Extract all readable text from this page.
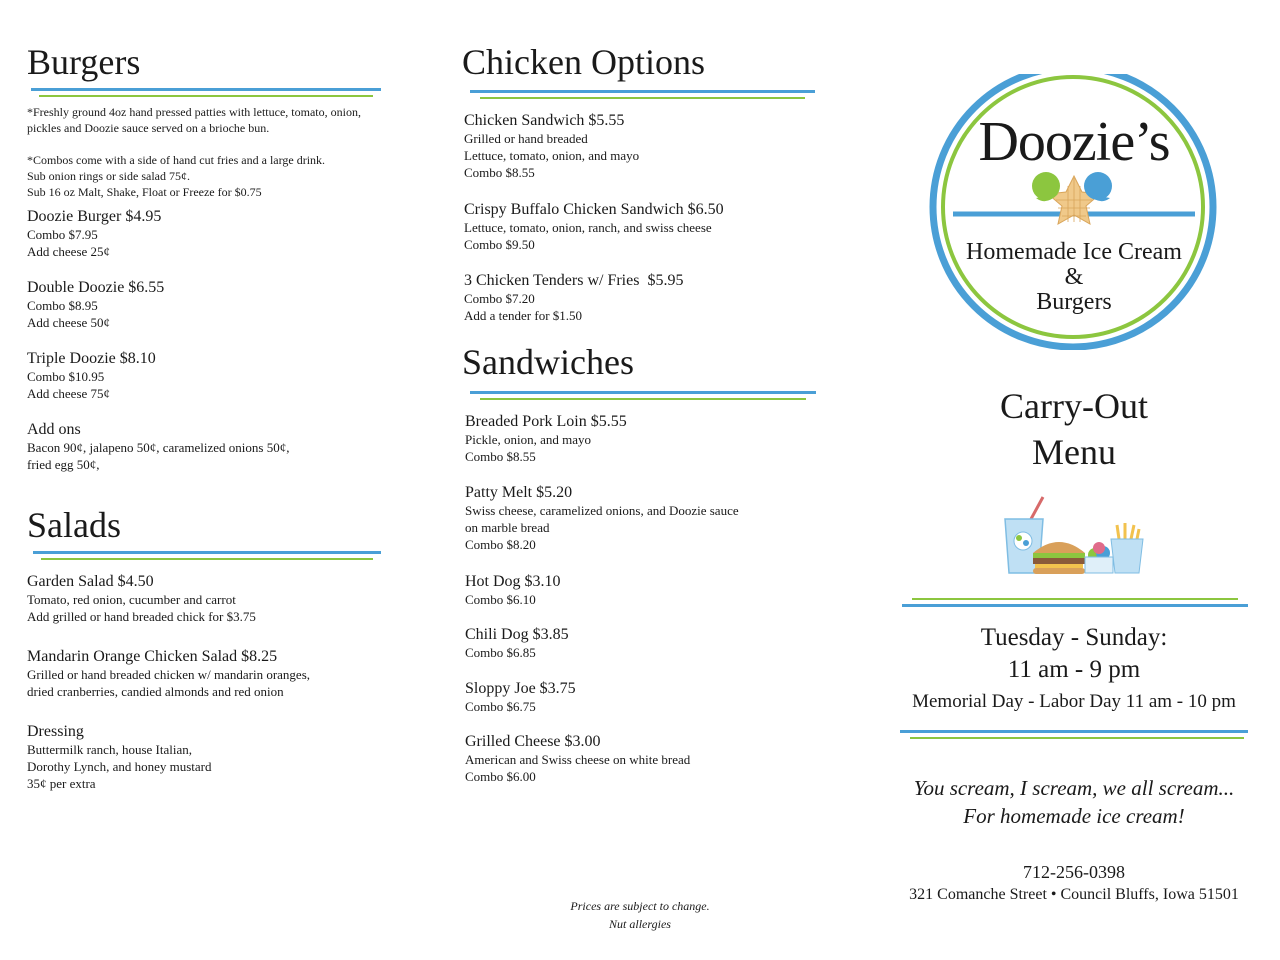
Burgers
*Freshly ground 4oz hand pressed patties with lettuce, tomato, onion,
pickles and Doozie sauce served on a brioche bun.
*Combos come with a side of hand cut fries and a large drink.
Sub onion rings or side salad 75¢.
Sub 16 oz Malt, Shake, Float or Freeze for $0.75
Doozie Burger $4.95
Combo $7.95
Add cheese 25¢
Double Doozie $6.55
Combo $8.95
Add cheese 50¢
Triple Doozie $8.10
Combo $10.95
Add cheese 75¢
Add ons
Bacon 90¢, jalapeno 50¢, caramelized onions 50¢,
fried egg 50¢,
Salads
Garden Salad $4.50
Tomato, red onion, cucumber and carrot
Add grilled or hand breaded chick for $3.75
Mandarin Orange Chicken Salad $8.25
Grilled or hand breaded chicken w/ mandarin oranges,
dried cranberries, candied almonds and red onion
Dressing
Buttermilk ranch, house Italian,
Dorothy Lynch, and honey mustard
35¢ per extra
Chicken Options
Chicken Sandwich $5.55
Grilled or hand breaded
Lettuce, tomato, onion, and mayo
Combo $8.55
Crispy Buffalo Chicken Sandwich $6.50
Lettuce, tomato, onion, ranch, and swiss cheese
Combo $9.50
3 Chicken Tenders w/ Fries  $5.95
Combo $7.20
Add a tender for $1.50
Sandwiches
Breaded Pork Loin $5.55
Pickle, onion, and mayo
Combo $8.55
Patty Melt $5.20
Swiss cheese, caramelized onions, and Doozie sauce
on marble bread
Combo $8.20
Hot Dog $3.10
Combo $6.10
Chili Dog $3.85
Combo $6.85
Sloppy Joe $3.75
Combo $6.75
Grilled Cheese $3.00
American and Swiss cheese on white bread
Combo $6.00
Prices are subject to change.
Nut allergies
Doozie’s
Homemade Ice Cream
&
Burgers
Carry-Out
Menu
Tuesday - Sunday:
11 am - 9 pm
Memorial Day - Labor Day 11 am - 10 pm
You scream, I scream, we all scream...
For homemade ice cream!
712-256-0398
321 Comanche Street • Council Bluffs, Iowa 51501
